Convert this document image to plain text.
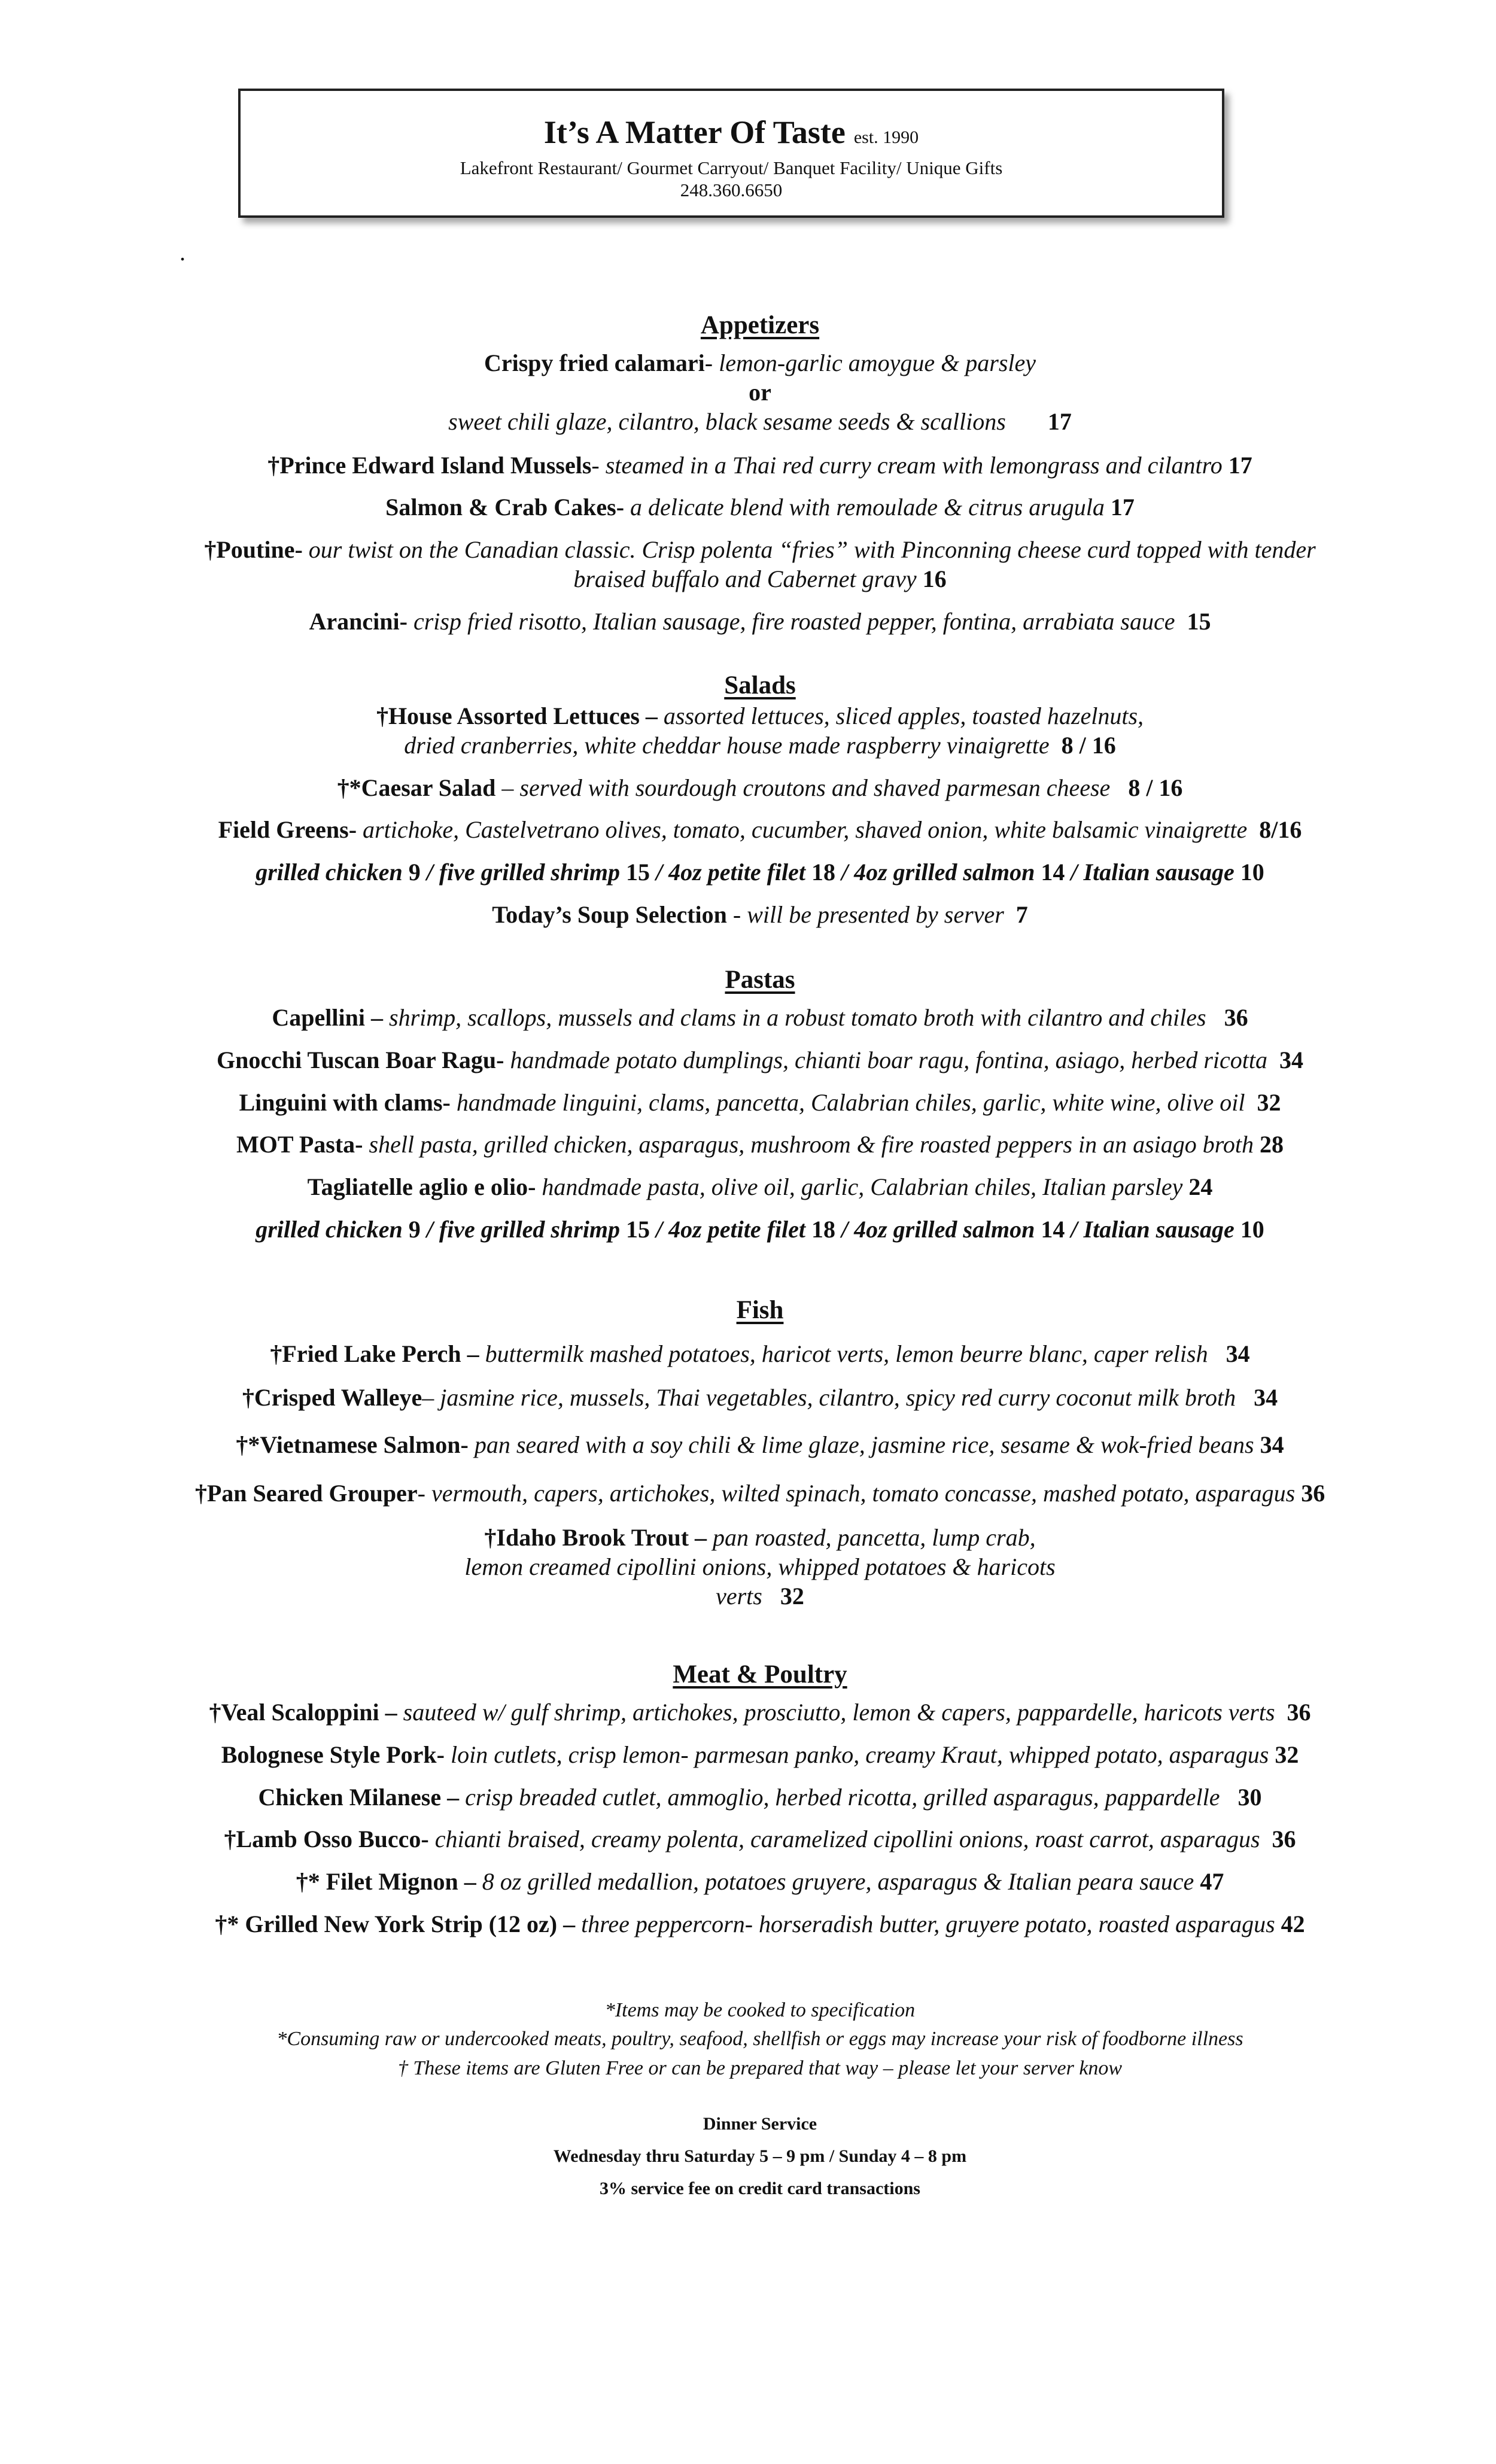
It’s A Matter Of Taste est. 1990
Lakefront Restaurant/ Gourmet Carryout/ Banquet Facility/ Unique Gifts
248.360.6650
.
Appetizers
Crispy fried calamari- lemon-garlic amoygue & parsley
or
sweet chili glaze, cilantro, black sesame seeds & scallions 17
†Prince Edward Island Mussels- steamed in a Thai red curry cream with lemongrass and cilantro 17
Salmon & Crab Cakes- a delicate blend with remoulade & citrus arugula 17
†Poutine- our twist on the Canadian classic. Crisp polenta “fries” with Pinconning cheese curd topped with tender braised buffalo and Cabernet gravy 16
Arancini- crisp fried risotto, Italian sausage, fire roasted pepper, fontina, arrabiata sauce 15
Salads
†House Assorted Lettuces – assorted lettuces, sliced apples, toasted hazelnuts, dried cranberries, white cheddar house made raspberry vinaigrette 8 / 16
†*Caesar Salad – served with sourdough croutons and shaved parmesan cheese 8 / 16
Field Greens- artichoke, Castelvetrano olives, tomato, cucumber, shaved onion, white balsamic vinaigrette 8/16
grilled chicken 9 / five grilled shrimp 15 / 4oz petite filet 18 / 4oz grilled salmon 14 / Italian sausage 10
Today’s Soup Selection - will be presented by server 7
Pastas
Capellini – shrimp, scallops, mussels and clams in a robust tomato broth with cilantro and chiles 36
Gnocchi Tuscan Boar Ragu- handmade potato dumplings, chianti boar ragu, fontina, asiago, herbed ricotta 34
Linguini with clams- handmade linguini, clams, pancetta, Calabrian chiles, garlic, white wine, olive oil 32
MOT Pasta- shell pasta, grilled chicken, asparagus, mushroom & fire roasted peppers in an asiago broth 28
Tagliatelle aglio e olio- handmade pasta, olive oil, garlic, Calabrian chiles, Italian parsley 24
grilled chicken 9 / five grilled shrimp 15 / 4oz petite filet 18 / 4oz grilled salmon 14 / Italian sausage 10
Fish
†Fried Lake Perch – buttermilk mashed potatoes, haricot verts, lemon beurre blanc, caper relish 34
†Crisped Walleye– jasmine rice, mussels, Thai vegetables, cilantro, spicy red curry coconut milk broth 34
†*Vietnamese Salmon- pan seared with a soy chili & lime glaze, jasmine rice, sesame & wok-fried beans 34
†Pan Seared Grouper- vermouth, capers, artichokes, wilted spinach, tomato concasse, mashed potato, asparagus 36
†Idaho Brook Trout – pan roasted, pancetta, lump crab, lemon creamed cipollini onions, whipped potatoes & haricots verts 32
Meat & Poultry
†Veal Scaloppini – sauteed w/ gulf shrimp, artichokes, prosciutto, lemon & capers, pappardelle, haricots verts 36
Bolognese Style Pork- loin cutlets, crisp lemon- parmesan panko, creamy Kraut, whipped potato, asparagus 32
Chicken Milanese – crisp breaded cutlet, ammoglio, herbed ricotta, grilled asparagus, pappardelle 30
†Lamb Osso Bucco- chianti braised, creamy polenta, caramelized cipollini onions, roast carrot, asparagus 36
†* Filet Mignon – 8 oz grilled medallion, potatoes gruyere, asparagus & Italian peara sauce 47
†* Grilled New York Strip (12 oz) – three peppercorn- horseradish butter, gruyere potato, roasted asparagus 42
*Items may be cooked to specification
*Consuming raw or undercooked meats, poultry, seafood, shellfish or eggs may increase your risk of foodborne illness
† These items are Gluten Free or can be prepared that way – please let your server know
Dinner Service
Wednesday thru Saturday 5 – 9 pm / Sunday 4 – 8 pm
3% service fee on credit card transactions
